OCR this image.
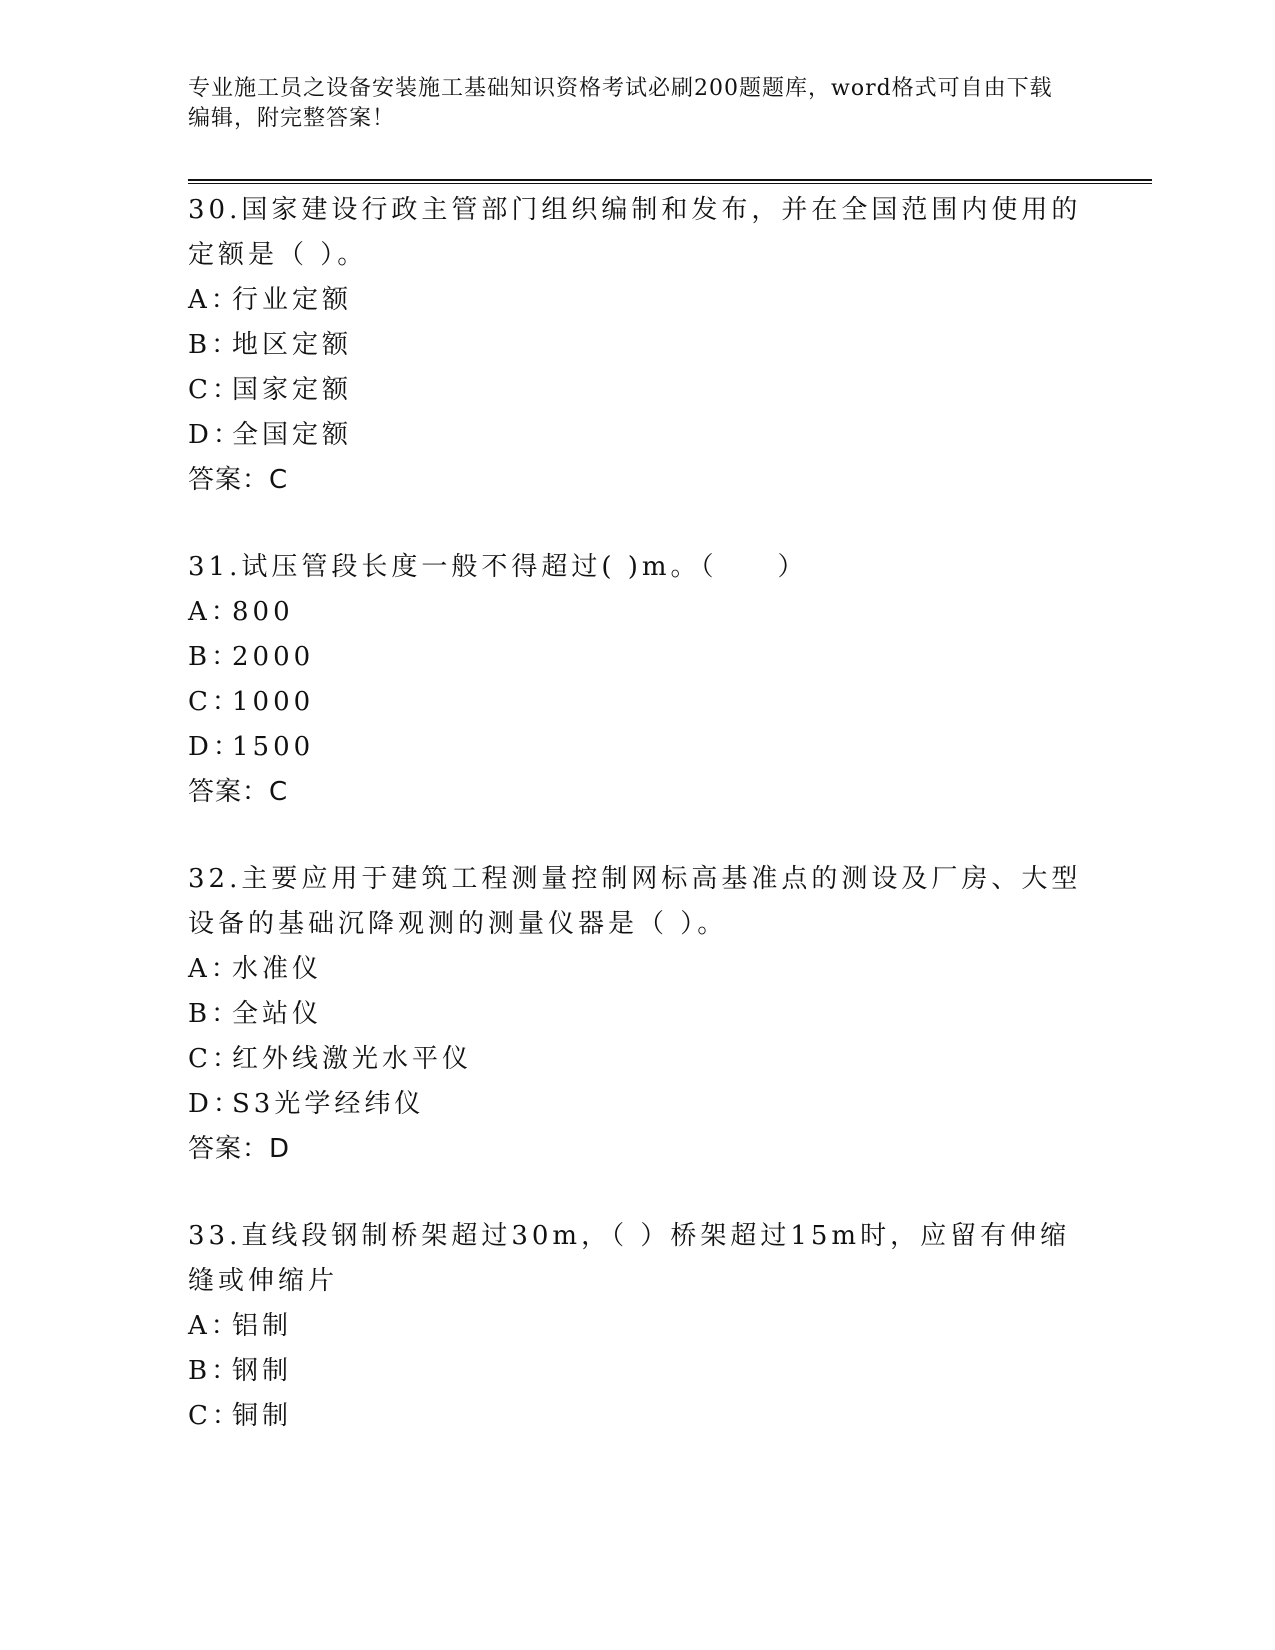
专业施工员之设备安装施工基础知识资格考试必刷200题题库，word格式可自由下载编辑，附完整答案！
30.国家建设行政主管部门组织编制和发布，并在全国范围内使用的定额是（ ）。
A：行业定额
B：地区定额
C：国家定额
D：全国定额
答案：C
31.试压管段长度一般不得超过( )m。（　　）
A：800
B：2000
C：1000
D：1500
答案：C
32.主要应用于建筑工程测量控制网标高基准点的测设及厂房、大型设备的基础沉降观测的测量仪器是（ ）。
A：水准仪
B：全站仪
C：红外线激光水平仪
D：S3光学经纬仪
答案：D
33.直线段钢制桥架超过30m，（ ）桥架超过15m时，应留有伸缩缝或伸缩片
A：铝制
B：钢制
C：铜制
